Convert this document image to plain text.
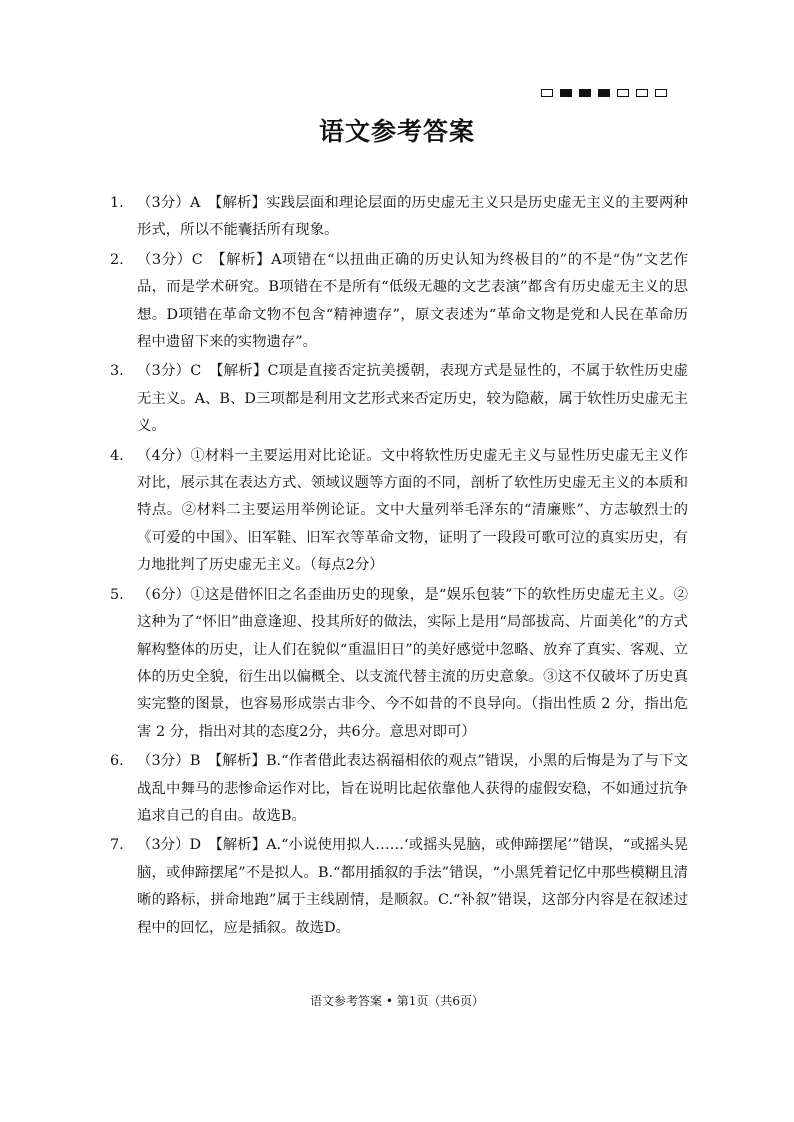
语文参考答案
1. （3分）A　【解析】实践层面和理论层面的历史虚无主义只是历史虚无主义的主要两种形式，所以不能囊括所有现象。
2. （3分）C　【解析】A项错在“以扭曲正确的历史认知为终极目的”的不是“伪”文艺作品，而是学术研究。B项错在不是所有“低级无趣的文艺表演”都含有历史虚无主义的思想。D项错在革命文物不包含“精神遗存”，原文表述为“革命文物是党和人民在革命历程中遗留下来的实物遗存”。
3. （3分）C　【解析】C项是直接否定抗美援朝，表现方式是显性的，不属于软性历史虚无主义。A、B、D三项都是利用文艺形式来否定历史，较为隐蔽，属于软性历史虚无主义。
4. （4分）①材料一主要运用对比论证。文中将软性历史虚无主义与显性历史虚无主义作对比，展示其在表达方式、领域议题等方面的不同，剖析了软性历史虚无主义的本质和特点。②材料二主要运用举例论证。文中大量列举毛泽东的“清廉账”、方志敏烈士的《可爱的中国》、旧军鞋、旧军衣等革命文物，证明了一段段可歌可泣的真实历史，有力地批判了历史虚无主义。（每点2分）
5. （6分）①这是借怀旧之名歪曲历史的现象，是“娱乐包装”下的软性历史虚无主义。②这种为了“怀旧”曲意逢迎、投其所好的做法，实际上是用“局部拔高、片面美化”的方式解构整体的历史，让人们在貌似“重温旧日”的美好感觉中忽略、放弃了真实、客观、立体的历史全貌，衍生出以偏概全、以支流代替主流的历史意象。③这不仅破坏了历史真实完整的图景，也容易形成崇古非今、今不如昔的不良导向。（指出性质 2 分，指出危害 2 分，指出对其的态度2分，共6分。意思对即可）
6. （3分）B　【解析】B.“作者借此表达祸福相依的观点”错误，小黑的后悔是为了与下文战乱中舞马的悲惨命运作对比，旨在说明比起依靠他人获得的虚假安稳，不如通过抗争追求自己的自由。故选B。
7. （3分）D　【解析】A.“小说使用拟人……‘或摇头晃脑，或伸蹄摆尾’”错误，“或摇头晃脑，或伸蹄摆尾”不是拟人。B.“都用插叙的手法”错误，“小黑凭着记忆中那些模糊且清晰的路标，拼命地跑”属于主线剧情，是顺叙。C.“补叙”错误，这部分内容是在叙述过程中的回忆，应是插叙。故选D。
语文参考答案 • 第1页（共6页）
